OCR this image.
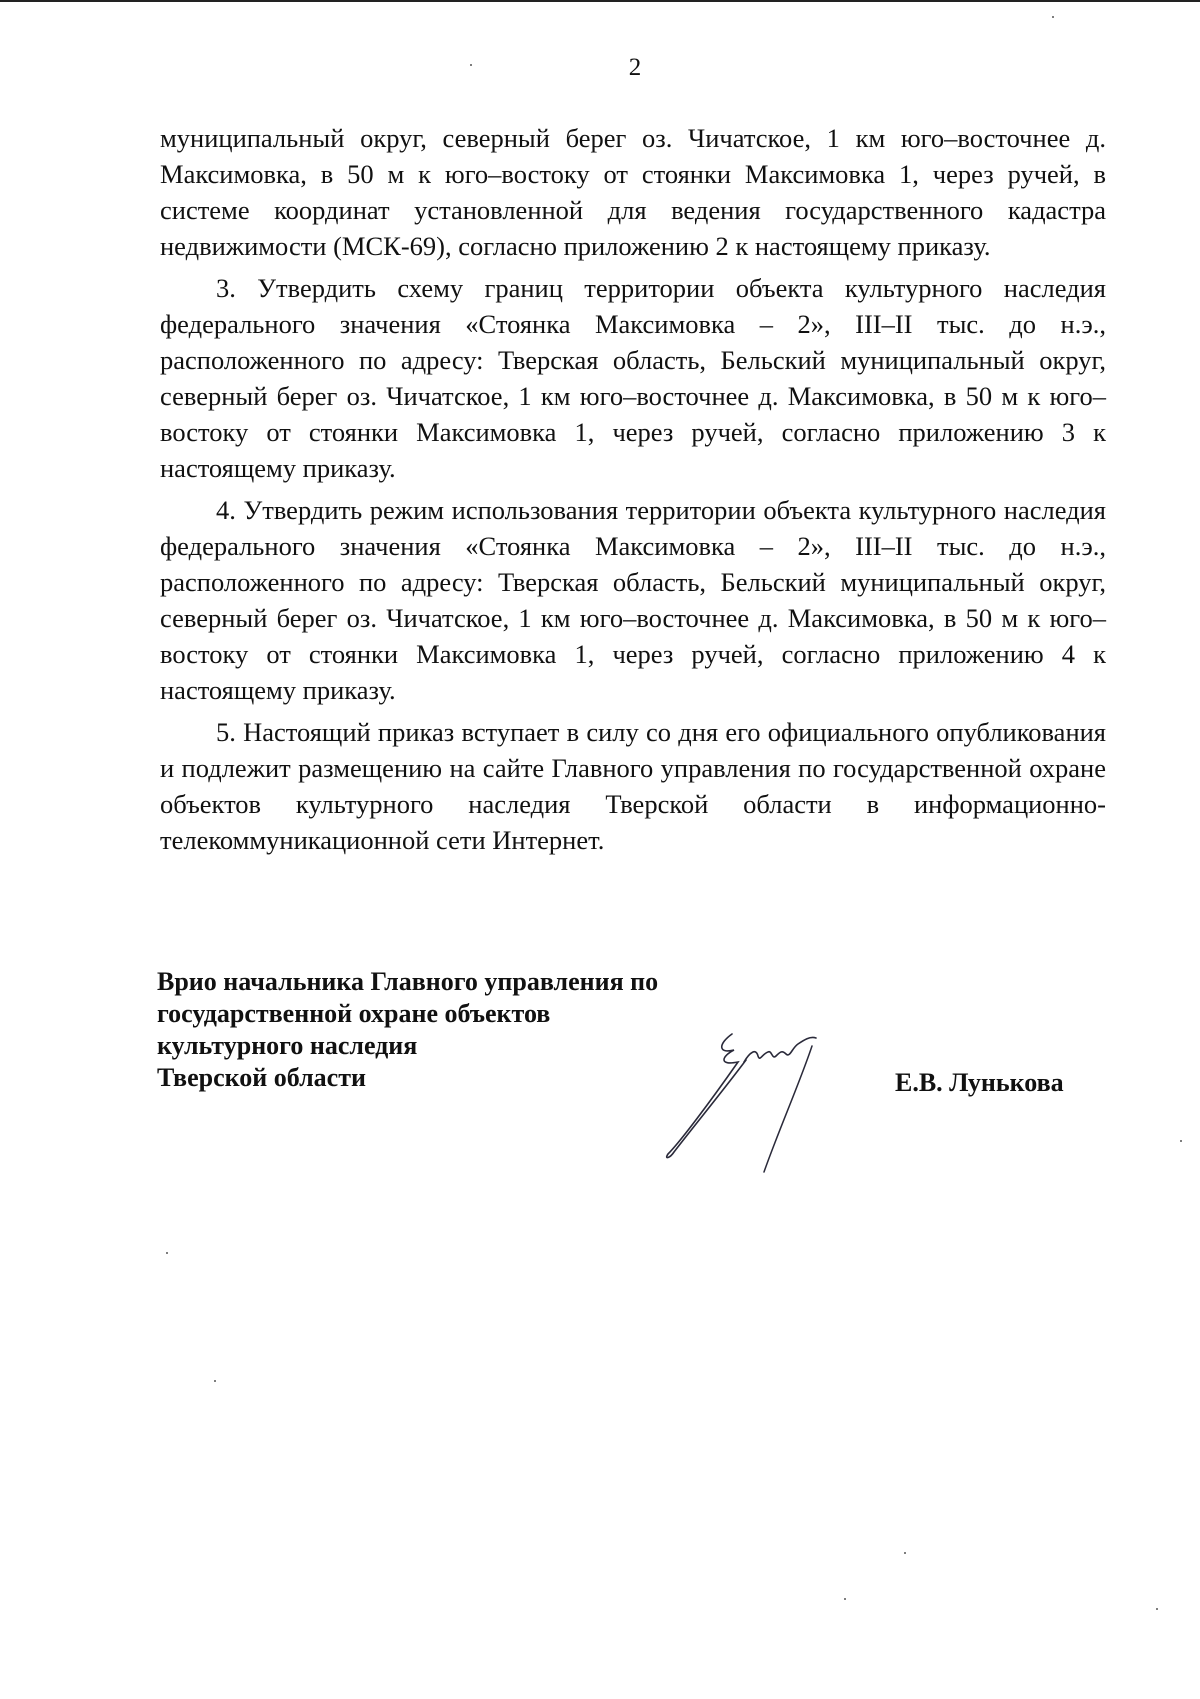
2

муниципальный округ, северный берег оз. Чичатское, 1 км юго–восточнее д. Максимовка, в 50 м к юго–востоку от стоянки Максимовка 1, через ручей, в системе координат установленной для ведения государственного кадастра недвижимости (МСК-69), согласно приложению 2 к настоящему приказу.

3. Утвердить схему границ территории объекта культурного наследия федерального значения «Стоянка Максимовка – 2», III–II тыс. до н.э., расположенного по адресу: Тверская область, Бельский муниципальный округ, северный берег оз. Чичатское, 1 км юго–восточнее д. Максимовка, в 50 м к юго–востоку от стоянки Максимовка 1, через ручей, согласно приложению 3 к настоящему приказу.

4. Утвердить режим использования территории объекта культурного наследия федерального значения «Стоянка Максимовка – 2», III–II тыс. до н.э., расположенного по адресу: Тверская область, Бельский муниципальный округ, северный берег оз. Чичатское, 1 км юго–восточнее д. Максимовка, в 50 м к юго–востоку от стоянки Максимовка 1, через ручей, согласно приложению 4 к настоящему приказу.

5. Настоящий приказ вступает в силу со дня его официального опубликования и подлежит размещению на сайте Главного управления по государственной охране объектов культурного наследия Тверской области в информационно-телекоммуникационной сети Интернет.

Врио начальника Главного управления по
государственной охране объектов
культурного наследия
Тверской области	Е.В. Лунькова
